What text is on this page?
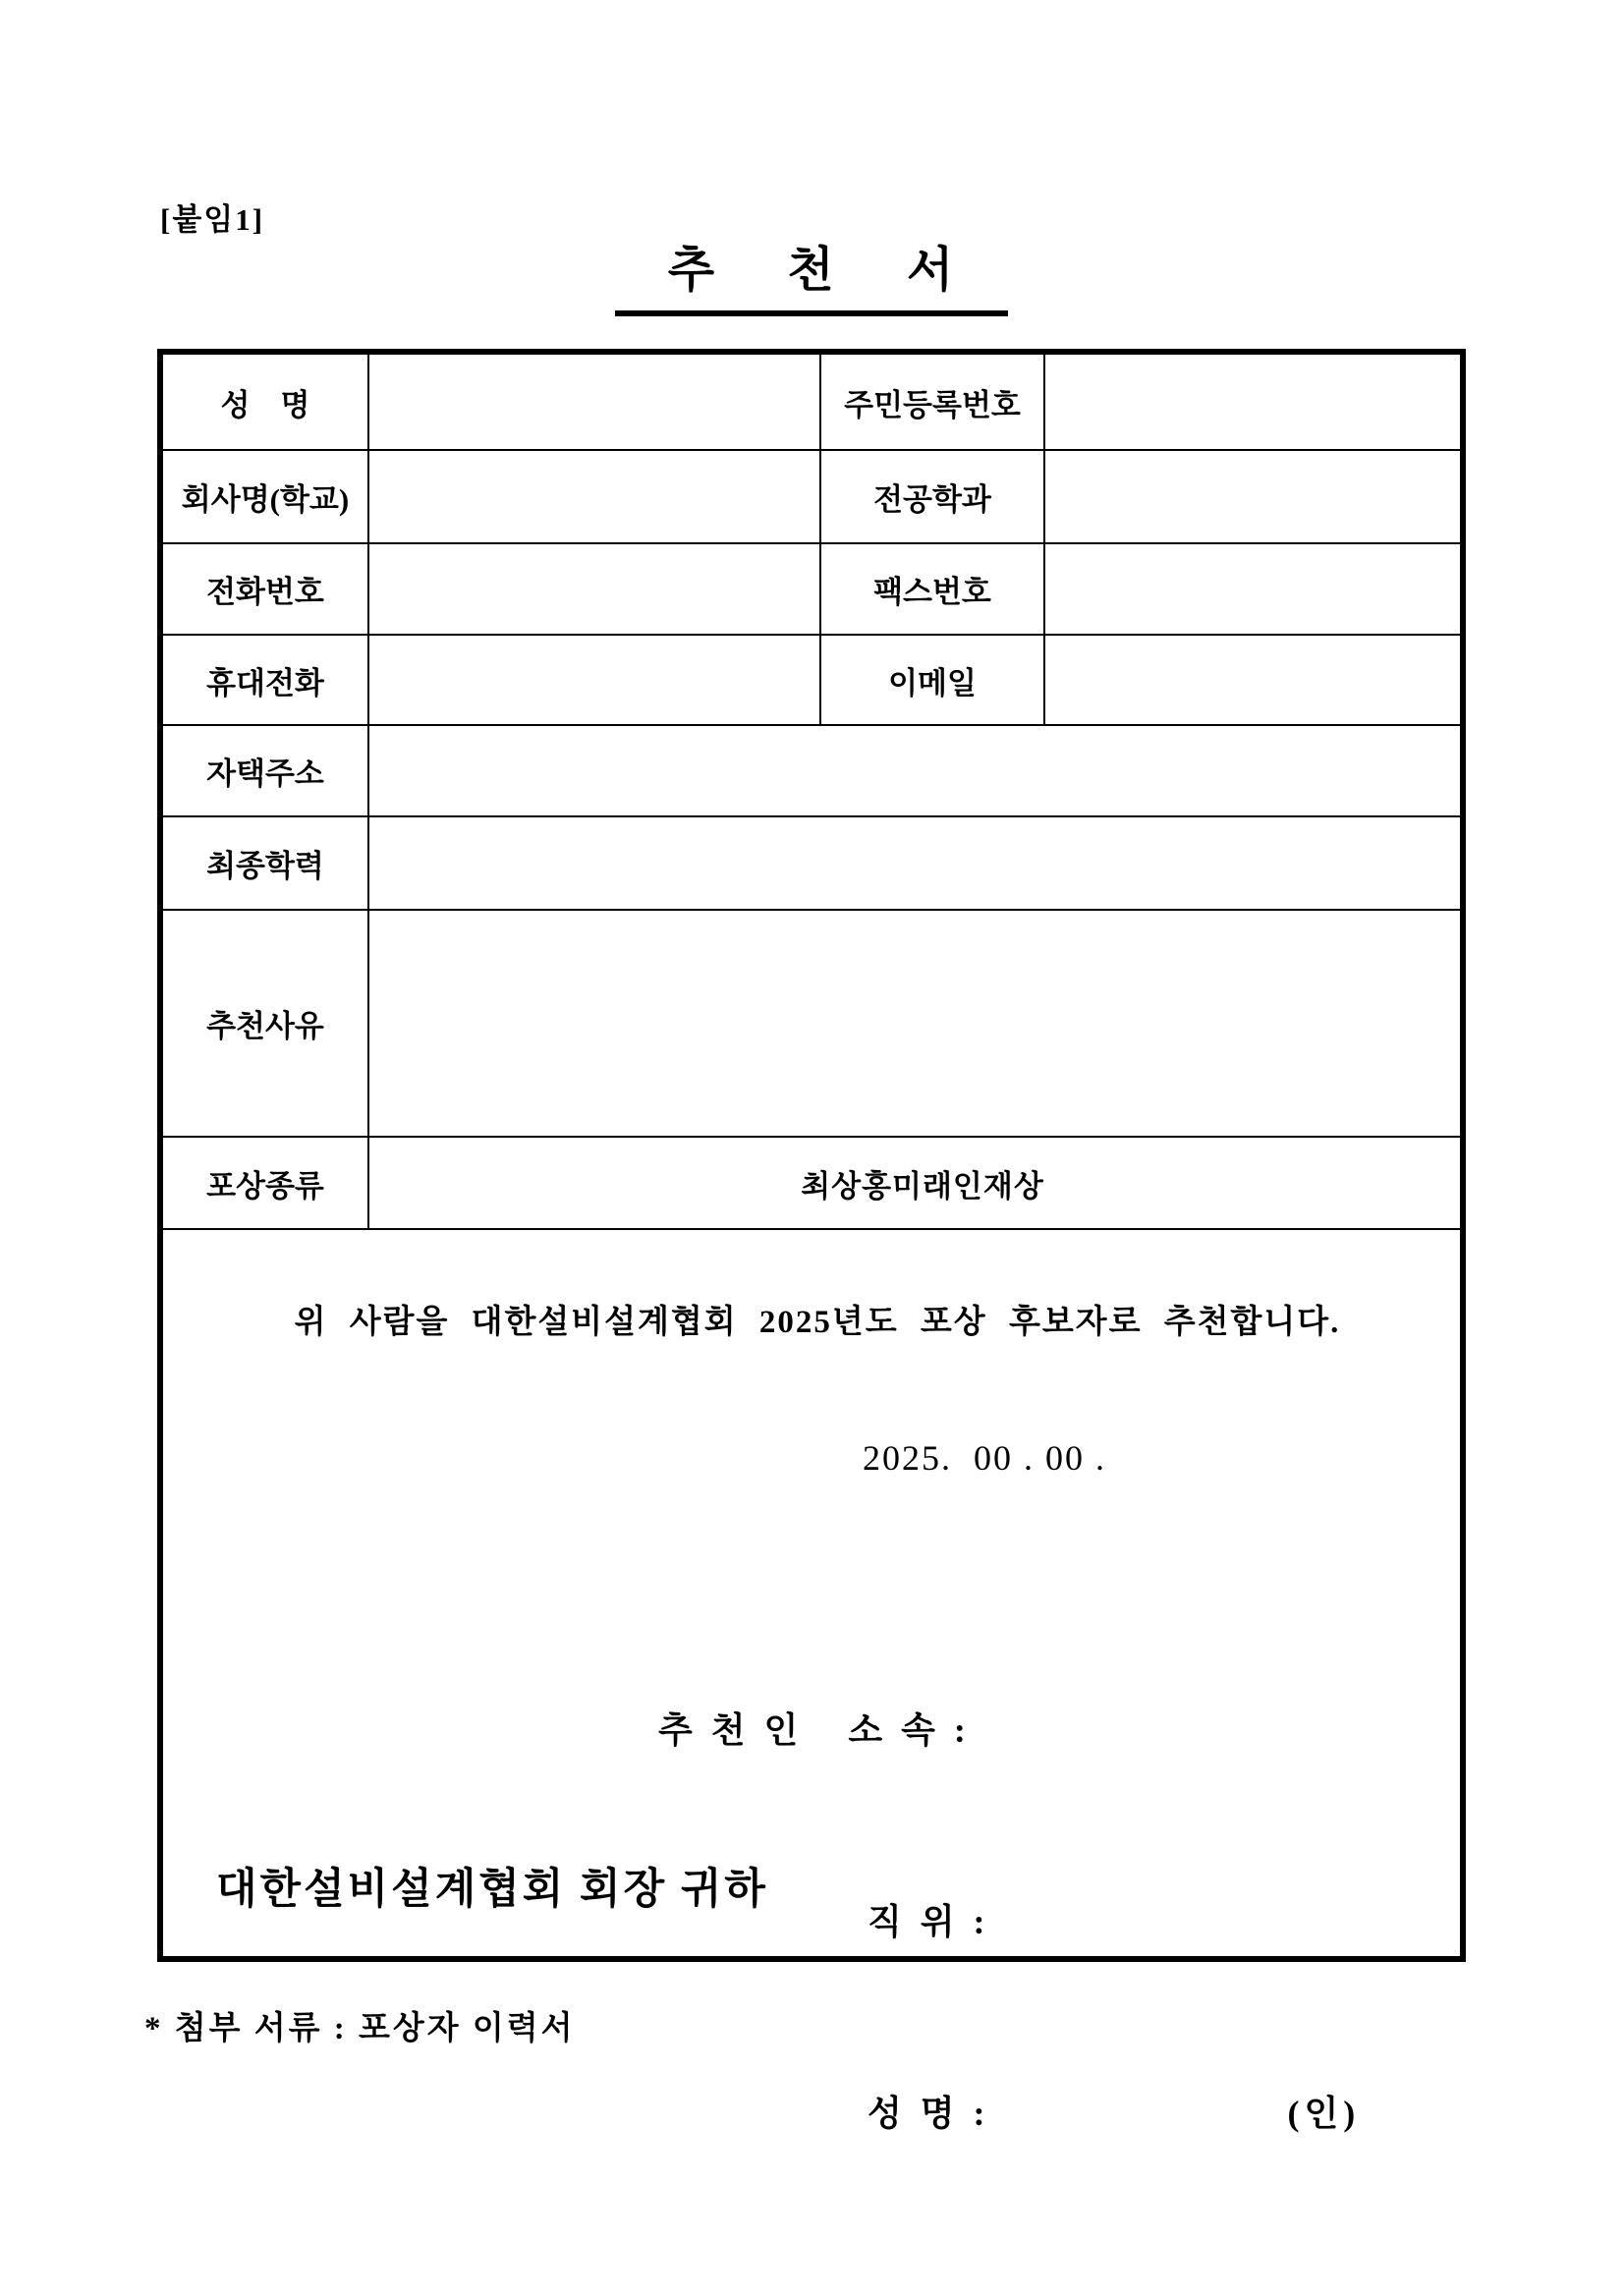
[붙임1]
추 천 서
성    명		주민등록번호	
회사명(학교)		전공학과	
전화번호		팩스번호	
휴대전화		이메일	
자택주소			
최종학력			
추천사유			
포상종류	최상홍미래인재상		
위 사람을 대한설비설계협회 2025년도 포상 후보자로 추천합니다.
2025.  00 . 00 .

추 천 인 소 속 :

직 위 :

성 명 :	(인)

대한설비설계협회 회장 귀하
* 첨부 서류 : 포상자 이력서
